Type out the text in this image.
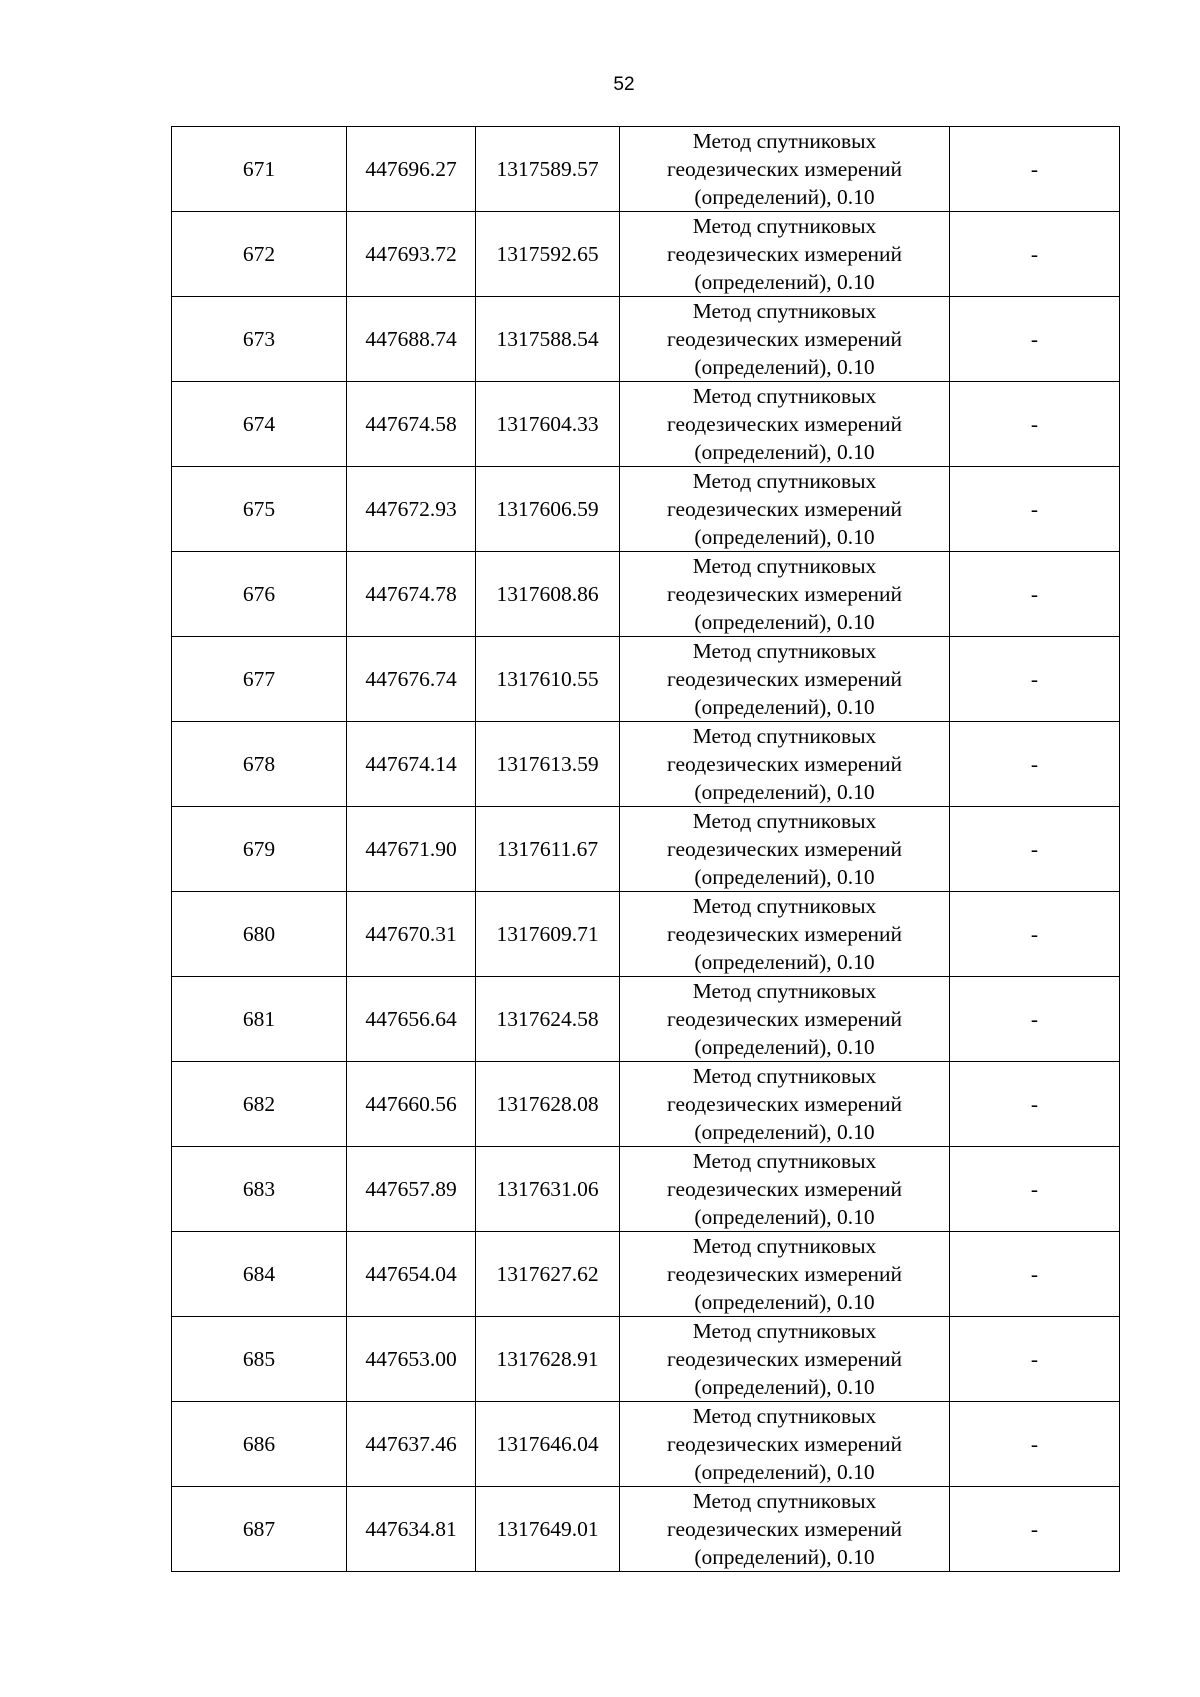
52
671	447696.27	1317589.57	Метод спутниковых
геодезических измерений
(определений), 0.10	-
672	447693.72	1317592.65	Метод спутниковых
геодезических измерений
(определений), 0.10	-
673	447688.74	1317588.54	Метод спутниковых
геодезических измерений
(определений), 0.10	-
674	447674.58	1317604.33	Метод спутниковых
геодезических измерений
(определений), 0.10	-
675	447672.93	1317606.59	Метод спутниковых
геодезических измерений
(определений), 0.10	-
676	447674.78	1317608.86	Метод спутниковых
геодезических измерений
(определений), 0.10	-
677	447676.74	1317610.55	Метод спутниковых
геодезических измерений
(определений), 0.10	-
678	447674.14	1317613.59	Метод спутниковых
геодезических измерений
(определений), 0.10	-
679	447671.90	1317611.67	Метод спутниковых
геодезических измерений
(определений), 0.10	-
680	447670.31	1317609.71	Метод спутниковых
геодезических измерений
(определений), 0.10	-
681	447656.64	1317624.58	Метод спутниковых
геодезических измерений
(определений), 0.10	-
682	447660.56	1317628.08	Метод спутниковых
геодезических измерений
(определений), 0.10	-
683	447657.89	1317631.06	Метод спутниковых
геодезических измерений
(определений), 0.10	-
684	447654.04	1317627.62	Метод спутниковых
геодезических измерений
(определений), 0.10	-
685	447653.00	1317628.91	Метод спутниковых
геодезических измерений
(определений), 0.10	-
686	447637.46	1317646.04	Метод спутниковых
геодезических измерений
(определений), 0.10	-
687	447634.81	1317649.01	Метод спутниковых
геодезических измерений
(определений), 0.10	-
